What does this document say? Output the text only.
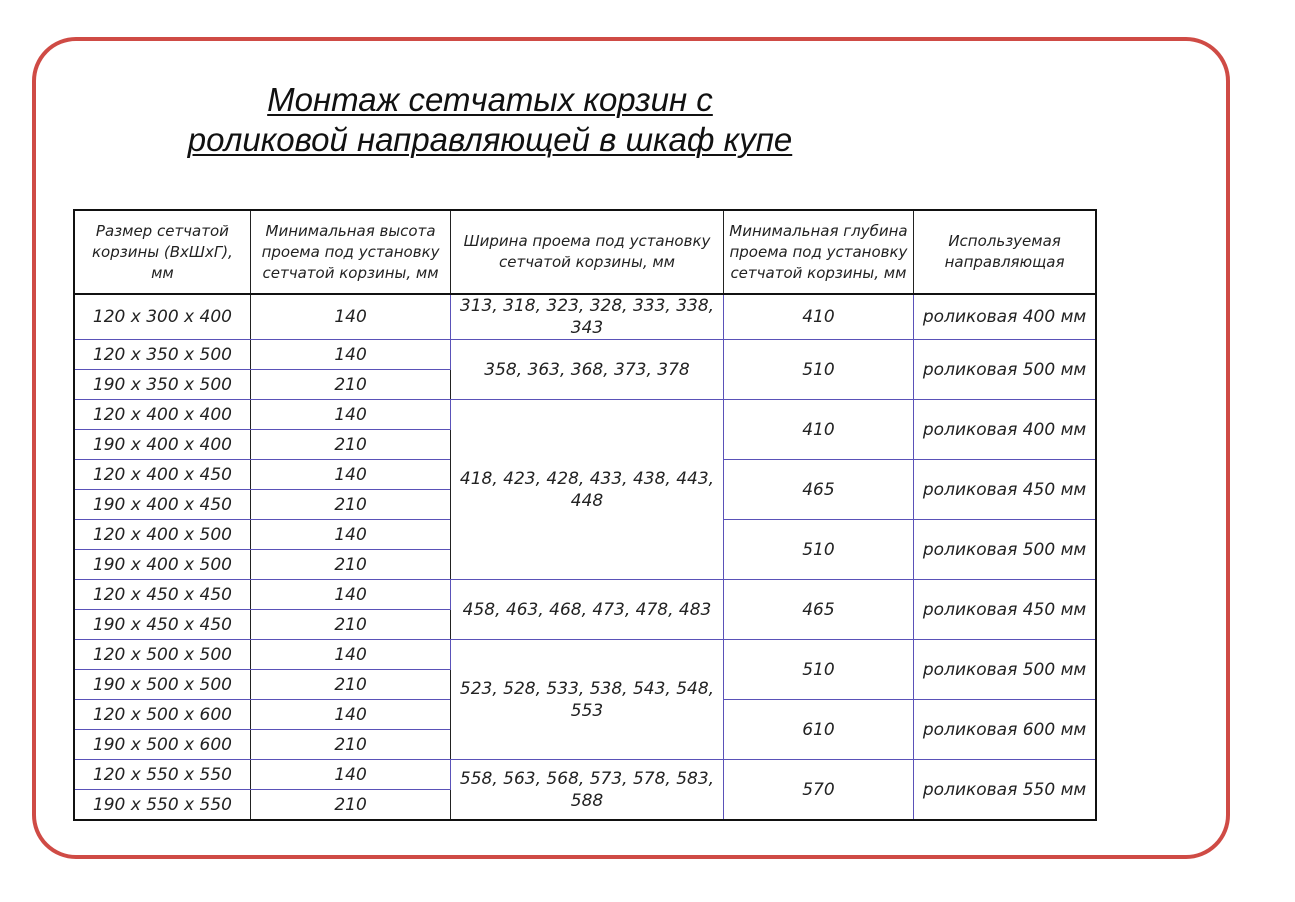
Монтаж сетчатых корзин с
роликовой направляющей в шкаф купе
Размер сетчатой корзины (ВхШхГ), мм	Минимальная высота проема под установку сетчатой корзины, мм	Ширина проема под установку сетчатой корзины, мм	Минимальная глубина проема под установку сетчатой корзины, мм	Используемая направляющая
120 x 300 x 400	140	313, 318, 323, 328, 333, 338, 343	410	роликовая 400 мм
120 x 350 x 500	140	358, 363, 368, 373, 378	510	роликовая 500 мм
190 x 350 x 500	210			
120 x 400 x 400	140	418, 423, 428, 433, 438, 443, 448	410	роликовая 400 мм
190 x 400 x 400	210			
120 x 400 x 450	140		465	роликовая 450 мм
190 x 400 x 450	210			
120 x 400 x 500	140		510	роликовая 500 мм
190 x 400 x 500	210			
120 x 450 x 450	140	458, 463, 468, 473, 478, 483	465	роликовая 450 мм
190 x 450 x 450	210			
120 x 500 x 500	140	523, 528, 533, 538, 543, 548, 553	510	роликовая 500 мм
190 x 500 x 500	210			
120 x 500 x 600	140		610	роликовая 600 мм
190 x 500 x 600	210			
120 x 550 x 550	140	558, 563, 568, 573, 578, 583, 588	570	роликовая 550 мм
190 x 550 x 550	210			
